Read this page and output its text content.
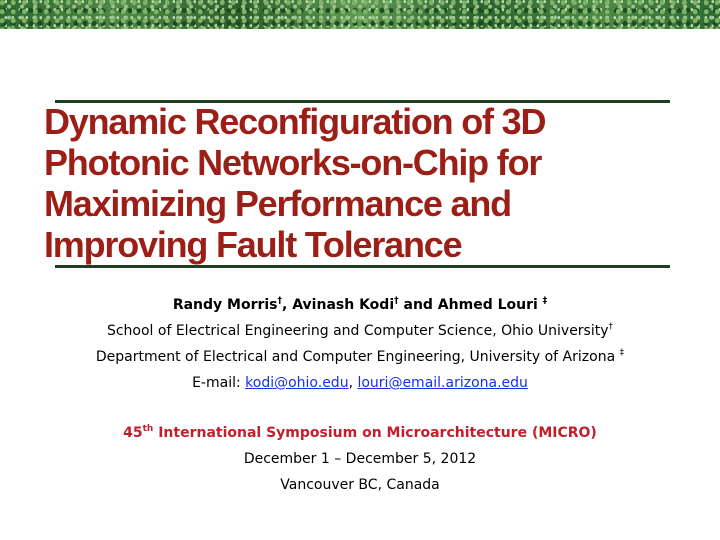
Dynamic Reconfiguration of 3D
Photonic Networks-on-Chip for
Maximizing Performance and
Improving Fault Tolerance
Randy Morris†, Avinash Kodi† and Ahmed Louri ‡
School of Electrical Engineering and Computer Science, Ohio University†
Department of Electrical and Computer Engineering, University of Arizona ‡
E-mail: kodi@ohio.edu, louri@email.arizona.edu
45th International Symposium on Microarchitecture (MICRO)
December 1 – December 5, 2012
Vancouver BC, Canada
